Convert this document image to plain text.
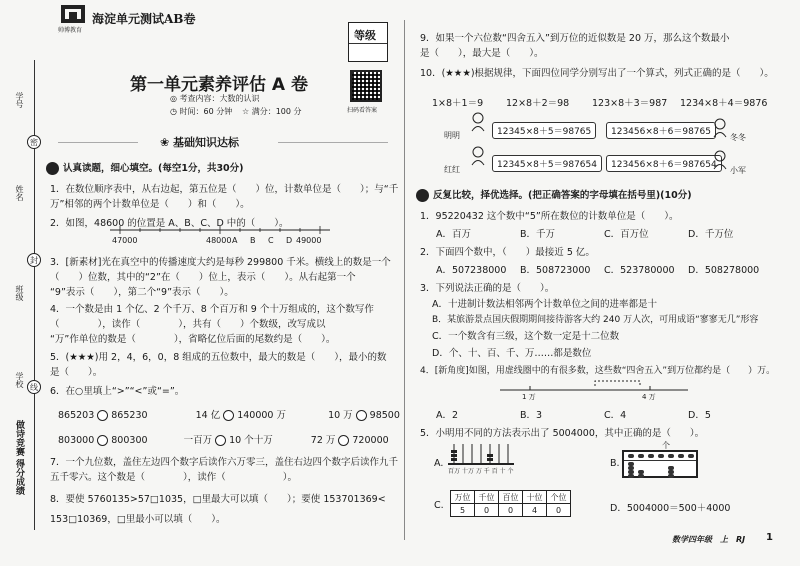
学号
姓名
班级
学校
做诗竞赛 得分成绩
密
封
线
帅博教育
海淀单元测试AB卷
等级
扫码看答案
第一单元素养评估 A 卷
◎ 考查内容：大数的认识
◷ 时间：60 分钟 ☆ 满分：100 分
❀ 基础知识达标
认真读题，细心填空。(每空1分，共30分)
1．在数位顺序表中，从右边起，第五位是（　　）位，计数单位是（　　）；与“千
万”相邻的两个计数单位是（　　）和（　　）。
2．如图，48600 的位置是 A、B、C、D 中的（　　）。
47000	48000 A B C D 49000
3．[新素材]光在真空中的传播速度大约是每秒 299800 千米。横线上的数是一个
（　　）位数，其中的“2”在（　　）位上，表示（　　）。从右起第一个
“9”表示（　　），第二个“9”表示（　　）。
4．一个数是由 1 个亿、2 个千万、8 个百万和 9 个十万组成的，这个数写作
（　　　　），读作（　　　　），共有（　　）个数级，改写成以
“万”作单位的数是（　　　　），省略亿位后面的尾数约是（　　）。
5．(★★★)用 2，4，6，0，8 组成的五位数中，最大的数是（　　），最小的数
是（　　）。
6．在○里填上“>”“<”或“=”。
865203 865230	14 亿 140000 万	10 万 98500
803000 800300	一百万 10 个十万	72 万 720000
7．一个九位数，盖住左边四个数字后读作六万零三，盖住右边四个数字后读作九千
五千零六。这个数是（　　　　），读作（　　　　　　）。
8．要使 5760135>57□1035，□里最大可以填（　　）；要使 153701369<
153□10369，□里最小可以填（　　）。
9．如果一个六位数“四舍五入”到万位的近似数是 20 万，那么这个数最小
是（　　），最大是（　　）。
10．(★★★)根据规律，下面四位同学分别写出了一个算式，列式正确的是（　　）。
1×8＋1＝9 12×8＋2＝98 123×8＋3＝987 1234×8＋4＝9876
明明	12345×8＋5＝98765	123456×8＋6＝98765
冬冬
红红	12345×8＋5＝987654	123456×8＋6＝987654
小军
反复比较，择优选择。(把正确答案的字母填在括号里)(10分)
1．95220432 这个数中“5”所在数位的计数单位是（　　）。
A．百万	B．千万	C．百万位	D．千万位
2．下面四个数中，（　　）最接近 5 亿。
A．507238000 B．508723000 C．523780000 D．508278000
3．下列说法正确的是（　　）。
A．十进制计数法相邻两个计数单位之间的进率都是十
B．某旅游景点国庆假期期间接待游客大约 240 万人次，可用成语“寥寥无几”形容
C．一个数含有三级，这个数一定是十二位数
D．个、十、百、千、万……都是数位
4．[新角度]如图，用虚线圈中的有很多数，这些数“四舍五入”到万位都约是（　　）万。
1 万	4 万
A．2	B．3	C．4	D．5
5．小明用不同的方法表示出了 5004000，其中正确的是（　　）。
A.
百万 十万 万 千 百 十 个
B.
个
C.
万位	千位	百位	十位	个位
5	0	0	4	0	D．5004000＝500＋4000
数学四年级　上　RJ 1
